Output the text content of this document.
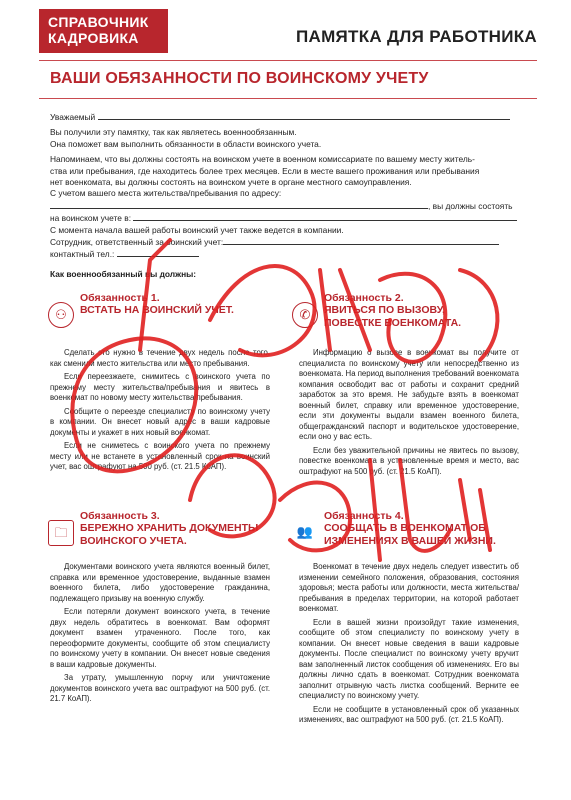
СПРАВОЧНИК
КАДРОВИКА	ПАМЯТКА ДЛЯ РАБОТНИКА
ВАШИ ОБЯЗАННОСТИ ПО ВОИНСКОМУ УЧЕТУ
Уважаемый
Вы получили эту памятку, так как являетесь военнообязанным.
Она поможет вам выполнить обязанности в области воинского учета.
Напоминаем, что вы должны состоять на воинском учете в военном комиссариате по вашему месту житель-
ства или пребывания, где находитесь более трех месяцев. Если в месте вашего проживания или пребывания
нет военкомата, вы должны состоять на воинском учете в органе местного самоуправления.
С учетом вашего места жительства/пребывания по адресу:
, вы должны состоять
на воинском учете в:
С момента начала вашей работы воинский учет также ведется в компании.
Сотрудник, ответственный за воинский учет:
контактный тел.:
Как военнообязанный вы должны:
⚇
Обязанность 1.
ВСТАТЬ НА ВОИНСКИЙ УЧЕТ.

Сделать это нужно в течение двух недель после того, как сменили место жительства или место пребывания.

Если переезжаете, снимитесь с воинского учета по прежнему месту жительства/пребывания и явитесь в военкомат по новому месту жительства/пребывания.

Сообщите о переезде специалисту по воинскому учету в компании. Он внесет новый адрес в ваши кадровые документы и укажет в них новый военкомат.

Если не сниметесь с воинского учета по прежнему месту или не встанете в установленный срок на воинский учет, вас оштрафуют на 500 руб. (ст. 21.5 КоАП).

✆
Обязанность 2.
ЯВИТЬСЯ ПО ВЫЗОВУ,
ПОВЕСТКЕ ВОЕНКОМАТА.

Информацию о вызове в военкомат вы получите от специалиста по воинскому учету или непосредственно из военкомата. На период выполнения требований военкомата компания освободит вас от работы и сохранит средний заработок за это время. Не забудьте взять в военкомат военный билет, справку или временное удостоверение, если эти документы выдали взамен военного билета, общегражданский паспорт и водительское удостоверение, если оно у вас есть.

Если без уважительной причины не явитесь по вызову, повестке военкомата в установленные время и место, вас оштрафуют на 500 руб. (ст. 21.5 КоАП).

🗀
Обязанность 3.
БЕРЕЖНО ХРАНИТЬ ДОКУМЕНТЫ
ВОИНСКОГО УЧЕТА.

Документами воинского учета являются военный билет, справка или временное удостоверение, выданные взамен военного билета, либо удостоверение гражданина, подлежащего призыву на военную службу.

Если потеряли документ воинского учета, в течение двух недель обратитесь в военкомат. Вам оформят документ взамен утраченного. После того, как переоформите документы, сообщите об этом специалисту по воинскому учету в компании. Он внесет новые сведения в ваши кадровые документы.

За утрату, умышленную порчу или уничтожение документов воинского учета вас оштрафуют на 500 руб. (ст. 21.7 КоАП).

👥
Обязанность 4.
СООБЩАТЬ В ВОЕНКОМАТ ОБ
ИЗМЕНЕНИЯХ В ВАШЕЙ ЖИЗНИ.

Военкомат в течение двух недель следует известить об изменении семейного положения, образования, состояния здоровья; места работы или должности, места жительства/пребывания в пределах территории, на которой работает военкомат.

Если в вашей жизни произойдут такие изменения, сообщите об этом специалисту по воинскому учету в компании. Он внесет новые сведения в ваши кадровые документы. После специалист по воинскому учету вручит вам заполненный листок сообщения об изменениях. Его вы должны лично сдать в военкомат. Сотрудник военкомата заполнит отрывную часть листка сообщений. Верните ее специалисту по воинскому учету.

Если не сообщите в установленный срок об указанных изменениях, вас оштрафуют на 500 руб. (ст. 21.5 КоАП).
